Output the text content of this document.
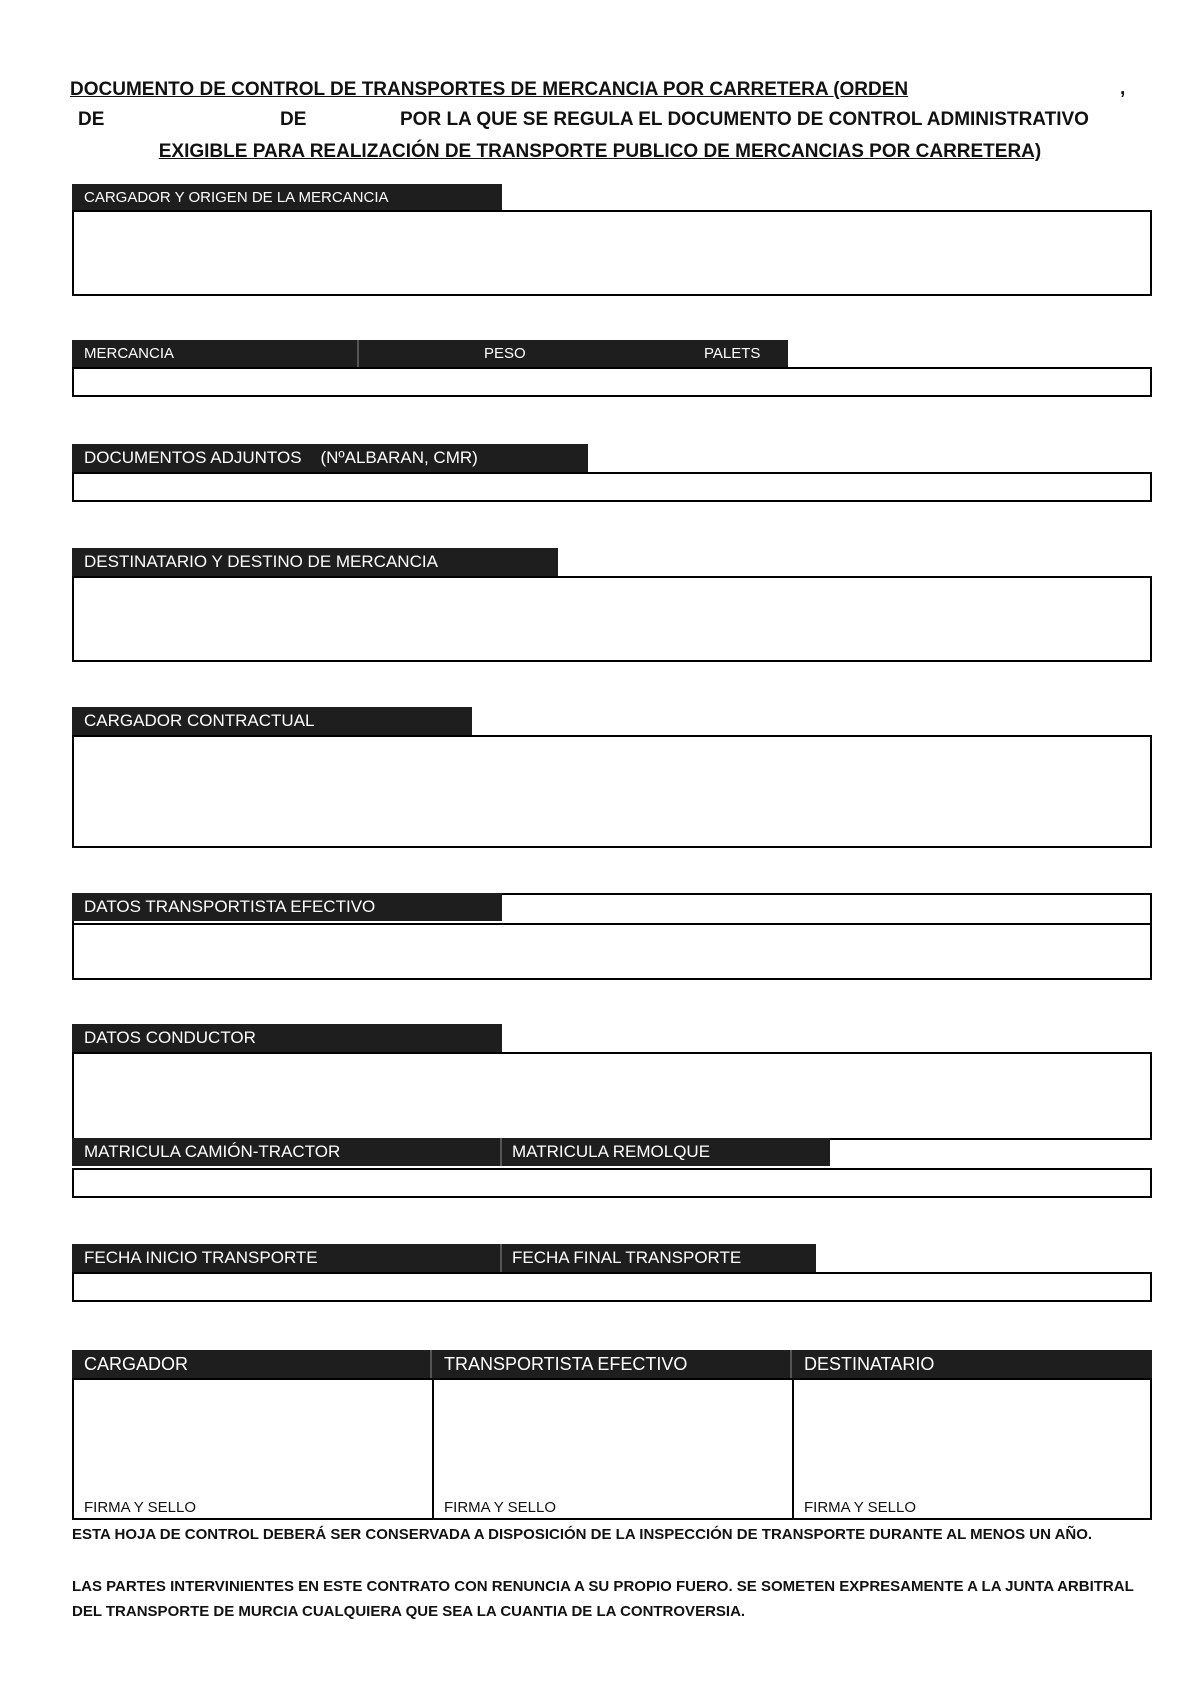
DOCUMENTO DE CONTROL DE TRANSPORTES DE MERCANCIA POR CARRETERA (ORDEN	,
DE	DE	POR LA QUE SE REGULA EL DOCUMENTO DE CONTROL ADMINISTRATIVO
EXIGIBLE PARA REALIZACIÓN DE TRANSPORTE PUBLICO DE MERCANCIAS POR CARRETERA)
CARGADOR Y ORIGEN DE LA MERCANCIA
MERCANCIA	PESO	PALETS
DOCUMENTOS ADJUNTOS    (NºALBARAN, CMR)
DESTINATARIO Y DESTINO DE MERCANCIA
CARGADOR CONTRACTUAL
DATOS TRANSPORTISTA EFECTIVO
DATOS CONDUCTOR
MATRICULA CAMIÓN-TRACTOR	MATRICULA REMOLQUE
FECHA INICIO TRANSPORTE	FECHA FINAL TRANSPORTE
CARGADOR	TRANSPORTISTA EFECTIVO	DESTINATARIO
FIRMA Y SELLO	FIRMA Y SELLO	FIRMA Y SELLO
ESTA HOJA DE CONTROL DEBERÁ SER CONSERVADA A DISPOSICIÓN DE LA INSPECCIÓN DE TRANSPORTE DURANTE AL MENOS UN AÑO.
LAS PARTES INTERVINIENTES EN ESTE CONTRATO CON RENUNCIA A SU PROPIO FUERO. SE SOMETEN EXPRESAMENTE A LA JUNTA ARBITRAL DEL TRANSPORTE DE MURCIA CUALQUIERA QUE SEA LA CUANTIA DE LA CONTROVERSIA.
